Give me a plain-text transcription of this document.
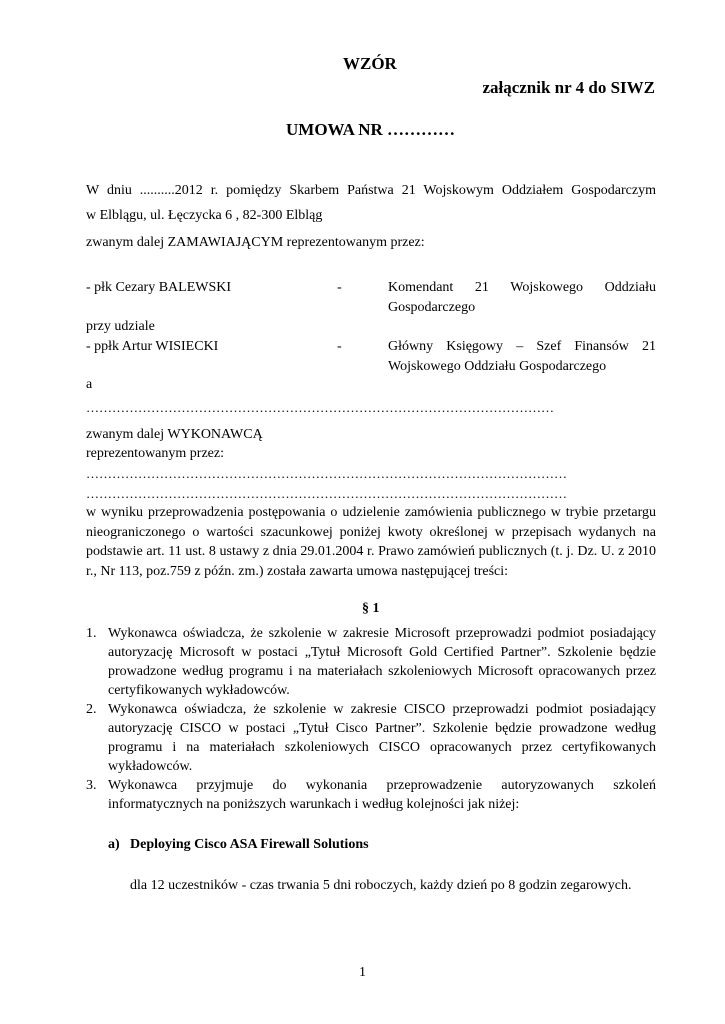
WZÓR
załącznik nr 4 do SIWZ
UMOWA NR …………
W dniu ..........2012 r. pomiędzy Skarbem Państwa 21 Wojskowym Oddziałem Gospodarczym
w Elblągu, ul. Łęczycka 6 , 82-300 Elbląg
zwanym dalej ZAMAWIAJĄCYM reprezentowanym przez:
- płk Cezary BALEWSKI	-	Komendant 21 Wojskowego Oddziału Gospodarczego
przy udziale
- ppłk Artur WISIECKI	-	Główny Księgowy – Szef Finansów 21 Wojskowego Oddziału Gospodarczego
a
………………………………………………………………………………………………
zwanym dalej WYKONAWCĄ
reprezentowanym przez:
…………………………………………………………………………………………………
…………………………………………………………………………………………………
w wyniku przeprowadzenia postępowania o udzielenie zamówienia publicznego w trybie przetargu nieograniczonego o wartości szacunkowej poniżej kwoty określonej w przepisach wydanych na podstawie art. 11 ust. 8 ustawy z dnia 29.01.2004 r. Prawo zamówień publicznych (t. j. Dz. U. z 2010 r., Nr 113, poz.759 z późn. zm.) została zawarta umowa następującej treści:
§ 1
1. Wykonawca oświadcza, że szkolenie w zakresie Microsoft przeprowadzi podmiot posiadający autoryzację Microsoft w postaci „Tytuł Microsoft Gold Certified Partner”. Szkolenie będzie prowadzone według programu i na materiałach szkoleniowych Microsoft opracowanych przez certyfikowanych wykładowców.
2. Wykonawca oświadcza, że szkolenie w zakresie CISCO przeprowadzi podmiot posiadający autoryzację CISCO w postaci „Tytuł Cisco Partner”. Szkolenie będzie prowadzone według programu i na materiałach szkoleniowych CISCO opracowanych przez certyfikowanych wykładowców.
3. Wykonawca przyjmuje do wykonania przeprowadzenie autoryzowanych szkoleń informatycznych na poniższych warunkach i według kolejności jak niżej:
a) Deploying Cisco ASA Firewall Solutions
dla 12 uczestników - czas trwania 5 dni roboczych, każdy dzień po 8 godzin zegarowych.
1
